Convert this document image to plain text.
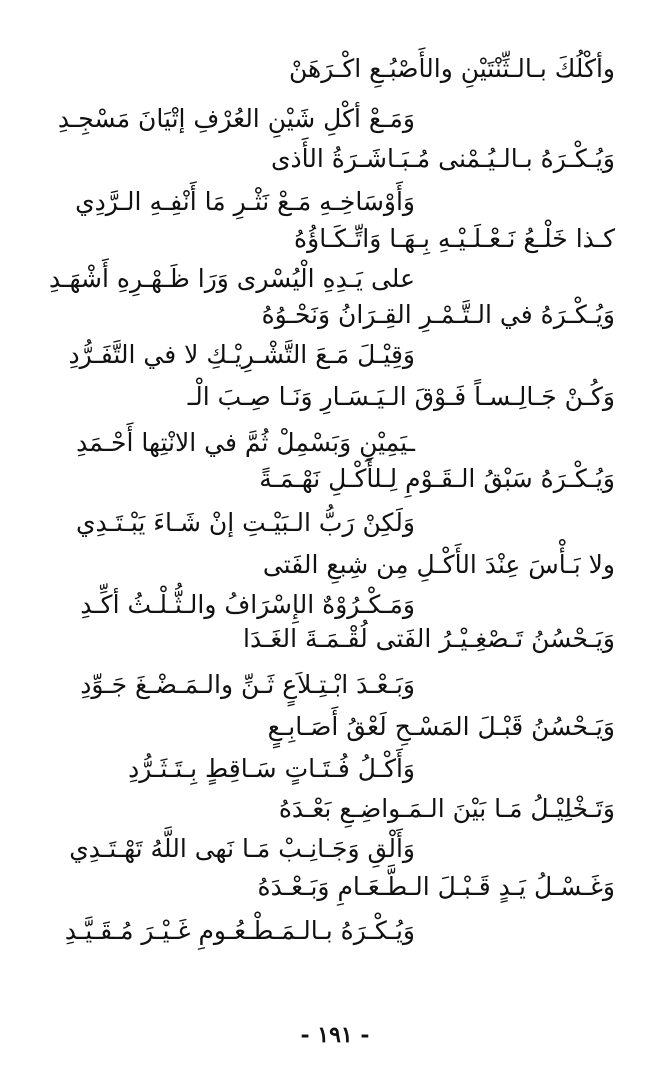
وأكْلُكَ بـالـثِّنْتَيْنِ والأَصْبُـعِ اكْـرَهَنْ
وَمَـعْ أكْلِ شَيْنِ العُرْفِ إتْيَانَ مَسْجِـدِ
وَيُـكْـرَهُ بـالـيُـمْنى مُـبَـاشَـرَةُ الأَذى
وَأَوْسَاخِـهِ مَـعْ نَثْـرِ مَا أَنْفِـهِ الـرَّدِي
كـذا خَلْـعُ نَـعْـلَـيْـهِ بِـهَـا وَاتِّـكَـاؤُهُ
على يَـدِهِ الْيُسْرى وَرَا ظَـهْـرِهِ أَشْهَـدِ
وَيُـكْـرَهُ في الـتَّـمْـرِ القِـرَانُ وَنَحْـوُهُ
وَقِيْـلَ مَـعَ التَّشْـرِيْـكِ لا في التَّفَـرُّدِ
وَكُـنْ جَـالِـسـاً فَـوْقَ الـيَـسَـارِ وَنَـا صِـبَ الْـ
ـيَمِيْنِ وَبَسْمِلْ ثُمَّ في الانْتِها أَحْـمَدِ
وَيُـكْـرَهُ سَبْقُ الـقَـوْمِ لِـلأَكْـلِ نَهْـمَـةً
وَلَكِنْ رَبُّ الـبَيْـتِ إنْ شَـاءَ يَبْـتَـدِي
ولا بَـأْسَ عِنْدَ الأَكْـلِ مِن شِبعِ الفَتى
وَمَـكْـرُوْهٌ الإِسْرَافُ والـثُّـلْـثُ أكِّـدِ
وَيَـحْسُنُ تَـصْغِـيْـرُ الفَتى لُقْـمَـةَ الغَـدَا
وَبَـعْـدَ ابْـتِـلاَعٍ ثَـنِّ والـمَـضْـغَ جَـوِّدِ
وَيَـحْسُنُ قَبْـلَ المَسْـحِ لَعْقُ أَصَـابِـعٍ
وَأَكْـلُ فُـتَـاتٍ سَـاقِطٍ بِـتَـثَـرُّدِ
وَتَـخْلِيْـلُ مَـا بَيْنَ الـمَـواضِـعِ بَعْـدَهُ
وَأَلْقِ وَجَـانِـبْ مَـا نَهى اللَّهُ تَهْـتَـدِي
وَغَـسْـلُ يَـدٍ قَـبْـلَ الـطَّـعَـامِ وَبَـعْـدَهُ
وَيُـكْـرَهُ بـالـمَـطْـعُـومِ غَـيْـرَ مُـقَـيَّـدِ
- ١٩١ -
